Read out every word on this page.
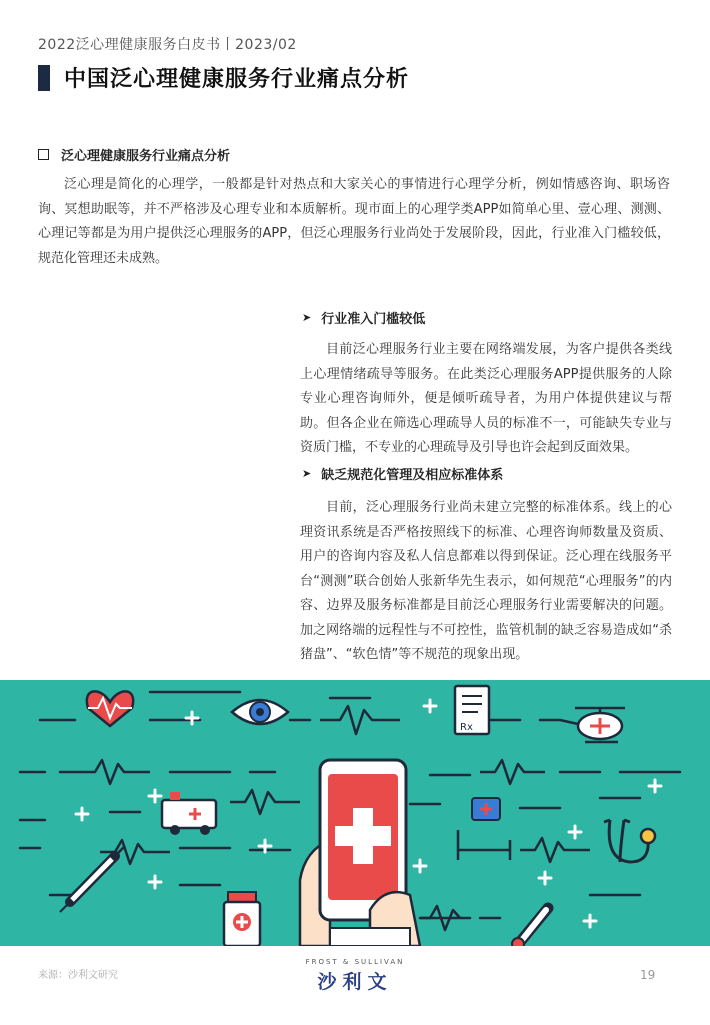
2022泛心理健康服务白皮书丨2023/02
中国泛心理健康服务行业痛点分析
泛心理健康服务行业痛点分析
泛心理是简化的心理学，一般都是针对热点和大家关心的事情进行心理学分析，例如情感咨询、职场咨询、冥想助眠等，并不严格涉及心理专业和本质解析。现市面上的心理学类APP如简单心里、壹心理、测测、心理记等都是为用户提供泛心理服务的APP，但泛心理服务行业尚处于发展阶段，因此，行业准入门槛较低，规范化管理还未成熟。
➤ 行业准入门槛较低
目前泛心理服务行业主要在网络端发展，为客户提供各类线上心理情绪疏导等服务。在此类泛心理服务APP提供服务的人除专业心理咨询师外，便是倾听疏导者，为用户体提供建议与帮助。但各企业在筛选心理疏导人员的标准不一，可能缺失专业与资质门槛，不专业的心理疏导及引导也许会起到反面效果。
➤ 缺乏规范化管理及相应标准体系
目前，泛心理服务行业尚未建立完整的标准体系。线上的心理资讯系统是否严格按照线下的标准、心理咨询师数量及资质、用户的咨询内容及私人信息都难以得到保证。泛心理在线服务平台“测测”联合创始人张新华先生表示，如何规范“心理服务”的内容、边界及服务标准都是目前泛心理服务行业需要解决的问题。加之网络端的远程性与不可控性，监管机制的缺乏容易造成如“杀猪盘”、“软色情”等不规范的现象出现。
Rx
来源：沙利文研究
FROST & SULLIVAN
沙利文	19
